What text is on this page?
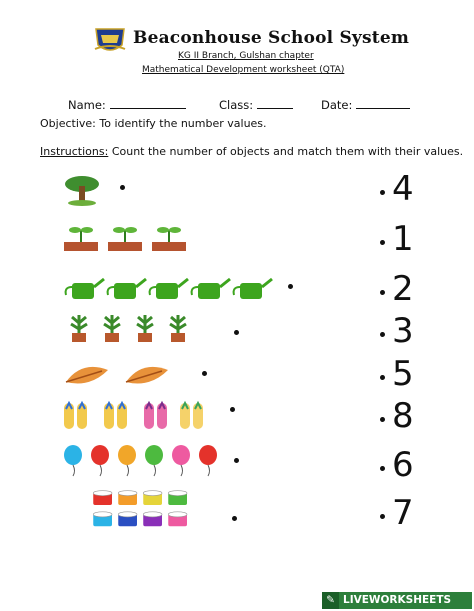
Beaconhouse School System
KG II Branch, Gulshan chapter
Mathematical Development worksheet (QTA)
Name:	Class:	Date:
Objective: To identify the number values.
Instructions: Count the number of objects and match them with their values.
4
1
2
3
5
8
6
7
✎ LIVEWORKSHEETS
